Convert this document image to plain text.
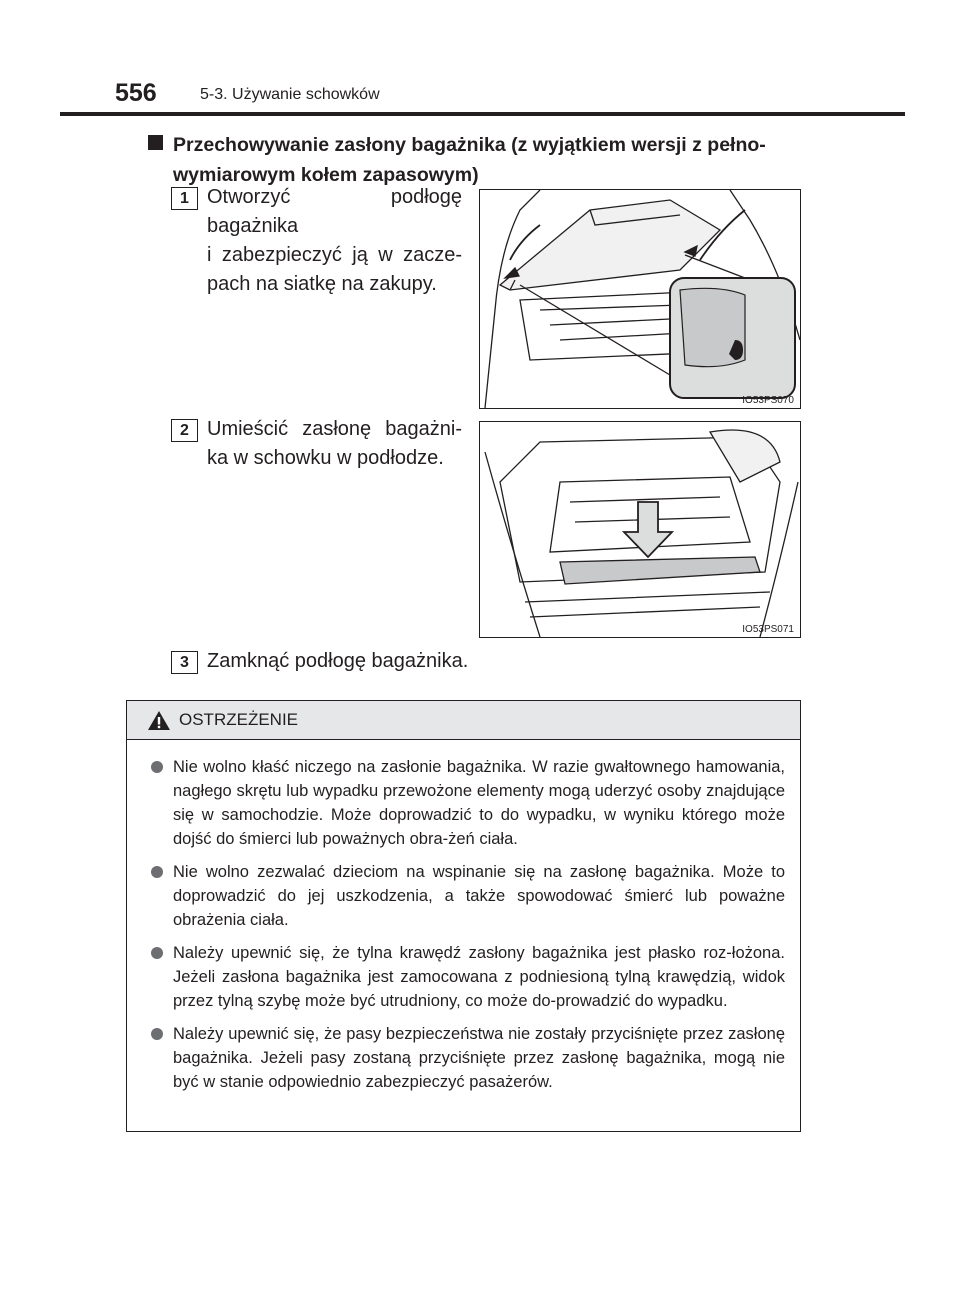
556	5-3. Używanie schowków
Przechowywanie zasłony bagażnika (z wyjątkiem wersji z pełno-
wymiarowym kołem zapasowym)
1 Otworzyć podłogę bagażnika
i zabezpieczyć ją w zacze-
pach na siatkę na zakupy.
IO53PS070
2 Umieścić zasłonę bagażni-
ka w schowku w podłodze.
IO53PS071
3 Zamknąć podłogę bagażnika.
OSTRZEŻENIE
Nie wolno kłaść niczego na zasłonie bagażnika. W razie gwałtownego hamowania, nagłego skrętu lub wypadku przewożone elementy mogą uderzyć osoby znajdujące się w samochodzie. Może doprowadzić to do wypadku, w wyniku którego może dojść do śmierci lub poważnych obra-żeń ciała.
Nie wolno zezwalać dzieciom na wspinanie się na zasłonę bagażnika. Może to doprowadzić do jej uszkodzenia, a także spowodować śmierć lub poważne obrażenia ciała.
Należy upewnić się, że tylna krawędź zasłony bagażnika jest płasko roz-łożona. Jeżeli zasłona bagażnika jest zamocowana z podniesioną tylną krawędzią, widok przez tylną szybę może być utrudniony, co może do-prowadzić do wypadku.
Należy upewnić się, że pasy bezpieczeństwa nie zostały przyciśnięte przez zasłonę bagażnika. Jeżeli pasy zostaną przyciśnięte przez zasłonę bagażnika, mogą nie być w stanie odpowiednio zabezpieczyć pasażerów.
